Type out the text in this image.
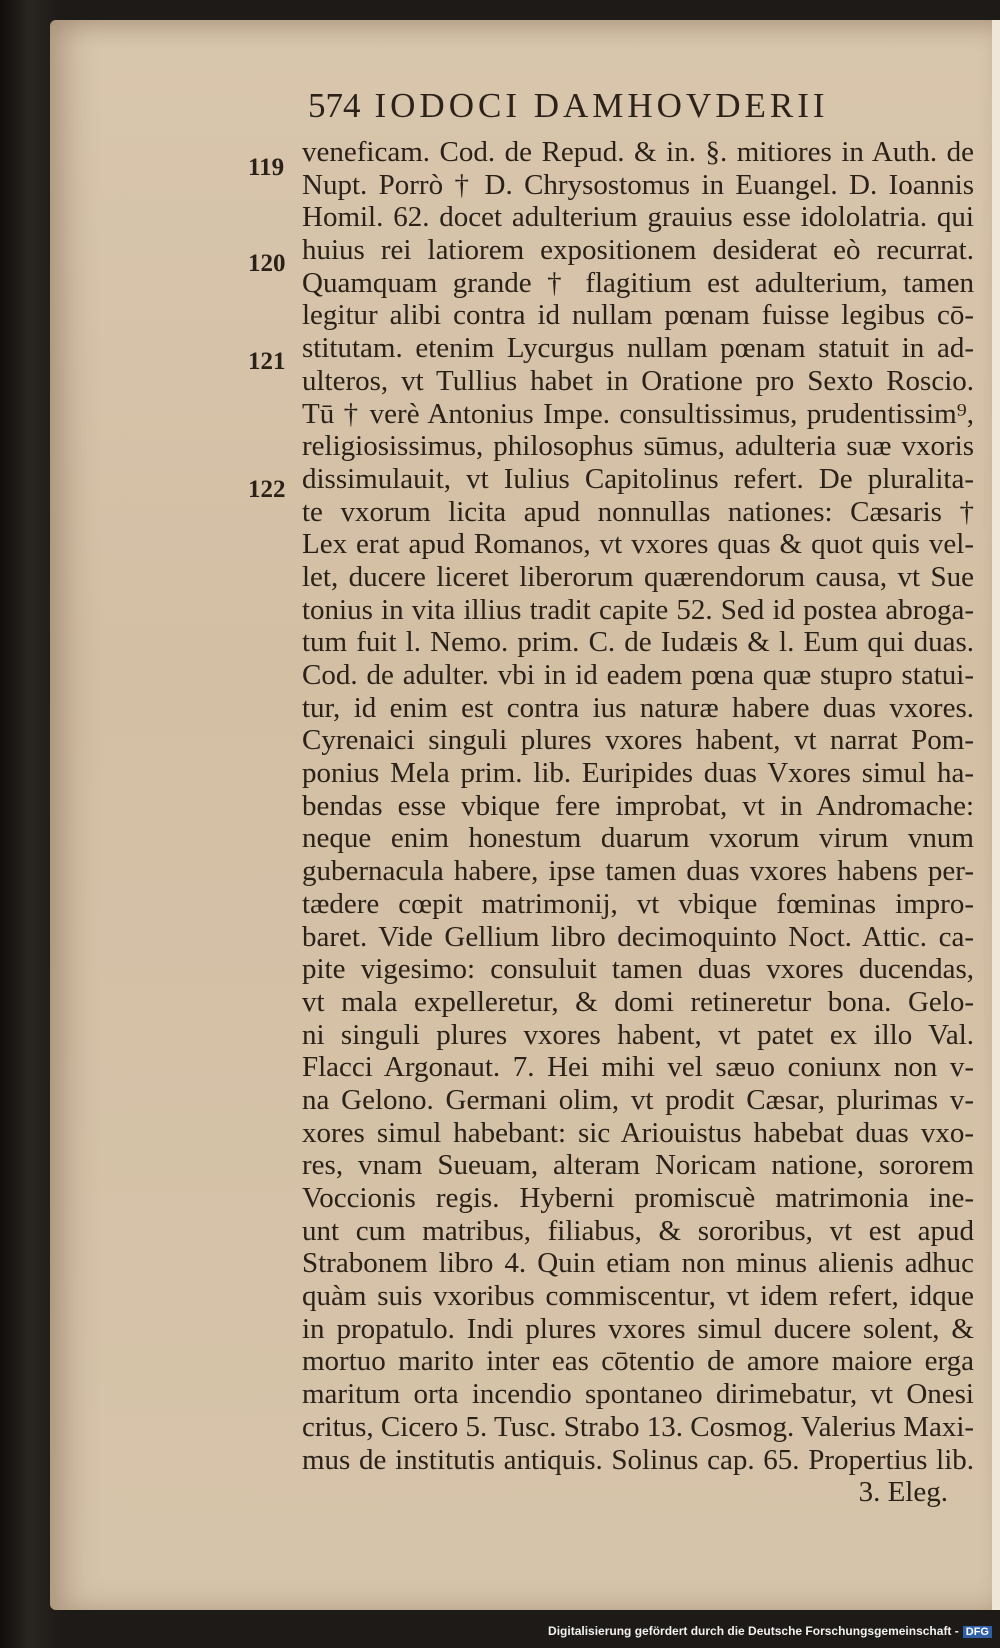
574 IODOCI DAMHOVDERII
119
120
121
122
veneficam. Cod. de Repud. & in. §. mitiores in Auth. de
Nupt. Porrò † D. Chrysostomus in Euangel. D. Ioannis
Homil. 62. docet adulterium grauius esse idololatria. qui
huius rei latiorem expositionem desiderat eò recurrat.
Quamquam grande † flagitium est adulterium, tamen
legitur alibi contra id nullam pœnam fuisse legibus cō-
stitutam. etenim Lycurgus nullam pœnam statuit in ad-
ulteros, vt Tullius habet in Oratione pro Sexto Roscio.
Tū † verè Antonius Impe. consultissimus, prudentissim⁹,
religiosissimus, philosophus sūmus, adulteria suæ vxoris
dissimulauit, vt Iulius Capitolinus refert. De pluralita-
te vxorum licita apud nonnullas nationes: Cæsaris †
Lex erat apud Romanos, vt vxores quas & quot quis vel-
let, ducere liceret liberorum quærendorum causa, vt Sue
tonius in vita illius tradit capite 52. Sed id postea abroga-
tum fuit l. Nemo. prim. C. de Iudæis & l. Eum qui duas.
Cod. de adulter. vbi in id eadem pœna quæ stupro statui-
tur, id enim est contra ius naturæ habere duas vxores.
Cyrenaici singuli plures vxores habent, vt narrat Pom-
ponius Mela prim. lib. Euripides duas Vxores simul ha-
bendas esse vbique fere improbat, vt in Andromache:
neque enim honestum duarum vxorum virum vnum
gubernacula habere, ipse tamen duas vxores habens per-
tædere cœpit matrimonij, vt vbique fœminas impro-
baret. Vide Gellium libro decimoquinto Noct. Attic. ca-
pite vigesimo: consuluit tamen duas vxores ducendas,
vt mala expelleretur, & domi retineretur bona. Gelo-
ni singuli plures vxores habent, vt patet ex illo Val.
Flacci Argonaut. 7. Hei mihi vel sæuo coniunx non v-
na Gelono. Germani olim, vt prodit Cæsar, plurimas v-
xores simul habebant: sic Ariouistus habebat duas vxo-
res, vnam Sueuam, alteram Noricam natione, sororem
Voccionis regis. Hyberni promiscuè matrimonia ine-
unt cum matribus, filiabus, & sororibus, vt est apud
Strabonem libro 4. Quin etiam non minus alienis adhuc
quàm suis vxoribus commiscentur, vt idem refert, idque
in propatulo. Indi plures vxores simul ducere solent, &
mortuo marito inter eas cōtentio de amore maiore erga
maritum orta incendio spontaneo dirimebatur, vt Onesi
critus, Cicero 5. Tusc. Strabo 13. Cosmog. Valerius Maxi-
mus de institutis antiquis. Solinus cap. 65. Propertius lib.
3. Eleg.
Digitalisierung gefördert durch die Deutsche Forschungsgemeinschaft - DFG
